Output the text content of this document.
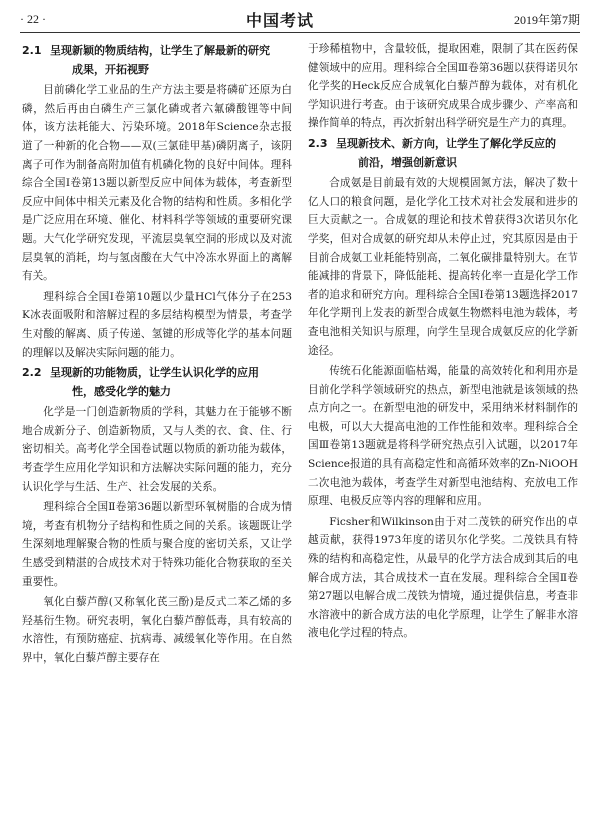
· 22 ·	中国考试	2019年第7期
2.1 呈现新颖的物质结构，让学生了解最新的研究
成果，开拓视野

目前磷化学工业品的生产方法主要是将磷矿还原为白磷，然后再由白磷生产三氯化磷或者六氟磷酸锂等中间体，该方法耗能大、污染环境。2018年Science杂志报道了一种新的化合物——双(三氯硅甲基)磷阴离子，该阴离子可作为制备高附加值有机磷化物的良好中间体。理科综合全国Ⅰ卷第13题以新型反应中间体为载体，考查新型反应中间体中相关元素及化合物的结构和性质。多相化学是广泛应用在环境、催化、材料科学等领域的重要研究课题。大气化学研究发现，平流层臭氧空洞的形成以及对流层臭氧的消耗，均与氢卤酸在大气中冷冻水界面上的离解有关。

理科综合全国Ⅰ卷第10题以少量HCl气体分子在253 K冰表面吸附和溶解过程的多层结构模型为情景，考查学生对酸的解离、质子传递、氢键的形成等化学的基本问题的理解以及解决实际问题的能力。

2.2 呈现新的功能物质，让学生认识化学的应用
性，感受化学的魅力

化学是一门创造新物质的学科，其魅力在于能够不断地合成新分子、创造新物质，又与人类的衣、食、住、行密切相关。高考化学全国卷试题以物质的新功能为载体，考查学生应用化学知识和方法解决实际问题的能力，充分认识化学与生活、生产、社会发展的关系。

理科综合全国Ⅱ卷第36题以新型环氧树脂的合成为情境，考查有机物分子结构和性质之间的关系。该题既让学生深刻地理解聚合物的性质与聚合度的密切关系，又让学生感受到精湛的合成技术对于特殊功能化合物获取的至关重要性。

氧化白藜芦醇(又称氧化芪三酚)是反式二苯乙烯的多羟基衍生物。研究表明，氧化白藜芦醇低毒，具有较高的水溶性，有预防癌症、抗病毒、减缓氧化等作用。在自然界中，氧化白藜芦醇主要存在

于珍稀植物中，含量较低，提取困难，限制了其在医药保健领域中的应用。理科综合全国Ⅲ卷第36题以获得诺贝尔化学奖的Heck反应合成氧化白藜芦醇为载体，对有机化学知识进行考查。由于该研究成果合成步骤少、产率高和操作简单的特点，再次折射出科学研究是生产力的真理。

2.3 呈现新技术、新方向，让学生了解化学反应的
前沿，增强创新意识

合成氨是目前最有效的大规模固氮方法，解决了数十亿人口的粮食问题，是化学化工技术对社会发展和进步的巨大贡献之一。合成氨的理论和技术曾获得3次诺贝尔化学奖，但对合成氨的研究却从未停止过，究其原因是由于目前合成氨工业耗能特别高，二氧化碳排量特别大。在节能减排的背景下，降低能耗、提高转化率一直是化学工作者的追求和研究方向。理科综合全国Ⅰ卷第13题选择2017年化学期刊上发表的新型合成氨生物燃料电池为载体，考查电池相关知识与原理，向学生呈现合成氨反应的化学新途径。

传统石化能源面临枯竭，能量的高效转化和利用亦是目前化学科学领域研究的热点，新型电池就是该领域的热点方向之一。在新型电池的研发中，采用纳米材料制作的电极，可以大大提高电池的工作性能和效率。理科综合全国Ⅲ卷第13题就是将科学研究热点引入试题，以2017年Science报道的具有高稳定性和高循环效率的Zn-NiOOH二次电池为载体，考查学生对新型电池结构、充放电工作原理、电极反应等内容的理解和应用。

Ficsher和Wilkinson由于对二茂铁的研究作出的卓越贡献，获得1973年度的诺贝尔化学奖。二茂铁具有特殊的结构和高稳定性，从最早的化学方法合成到其后的电解合成方法，其合成技术一直在发展。理科综合全国Ⅱ卷第27题以电解合成二茂铁为情境，通过提供信息，考查非水溶液中的新合成方法的电化学原理，让学生了解非水溶液电化学过程的特点。
